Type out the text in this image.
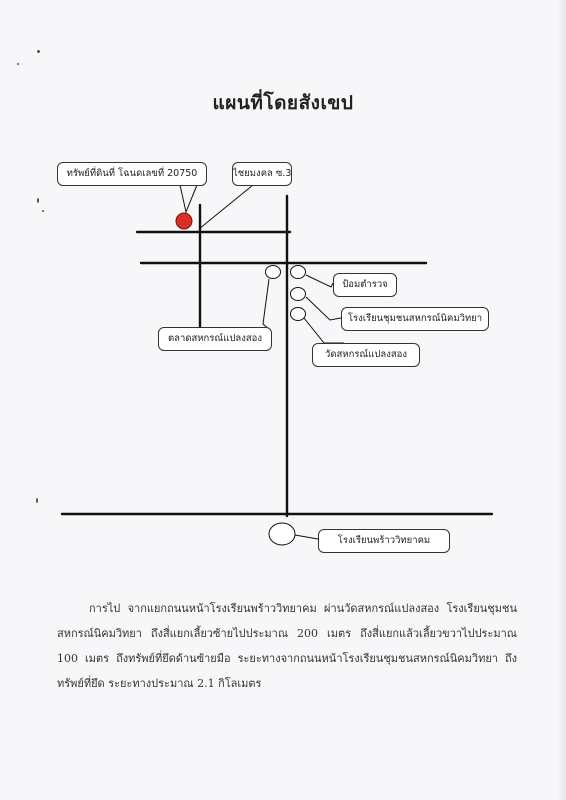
แผนที่โดยสังเขป
ทรัพย์ที่ดินที่ โฉนดเลขที่ 20750	ไชยมงคล ซ.3
ป้อมตำรวจ
โรงเรียนชุมชนสหกรณ์นิคมวิทยา
วัดสหกรณ์แปลงสอง
ตลาดสหกรณ์แปลงสอง
โรงเรียนพร้าววิทยาคม
การไป จากแยกถนนหน้าโรงเรียนพร้าววิทยาคม ผ่านวัดสหกรณ์แปลงสอง โรงเรียนชุมชนสหกรณ์นิคมวิทยา ถึงสี่แยกเลี้ยวซ้ายไปประมาณ 200 เมตร ถึงสี่แยกแล้วเลี้ยวขวาไปประมาณ 100 เมตร ถึงทรัพย์ที่ยึดด้านซ้ายมือ ระยะทางจากถนนหน้าโรงเรียนชุมชนสหกรณ์นิคมวิทยา ถึงทรัพย์ที่ยึด ระยะทางประมาณ 2.1 กิโลเมตร
